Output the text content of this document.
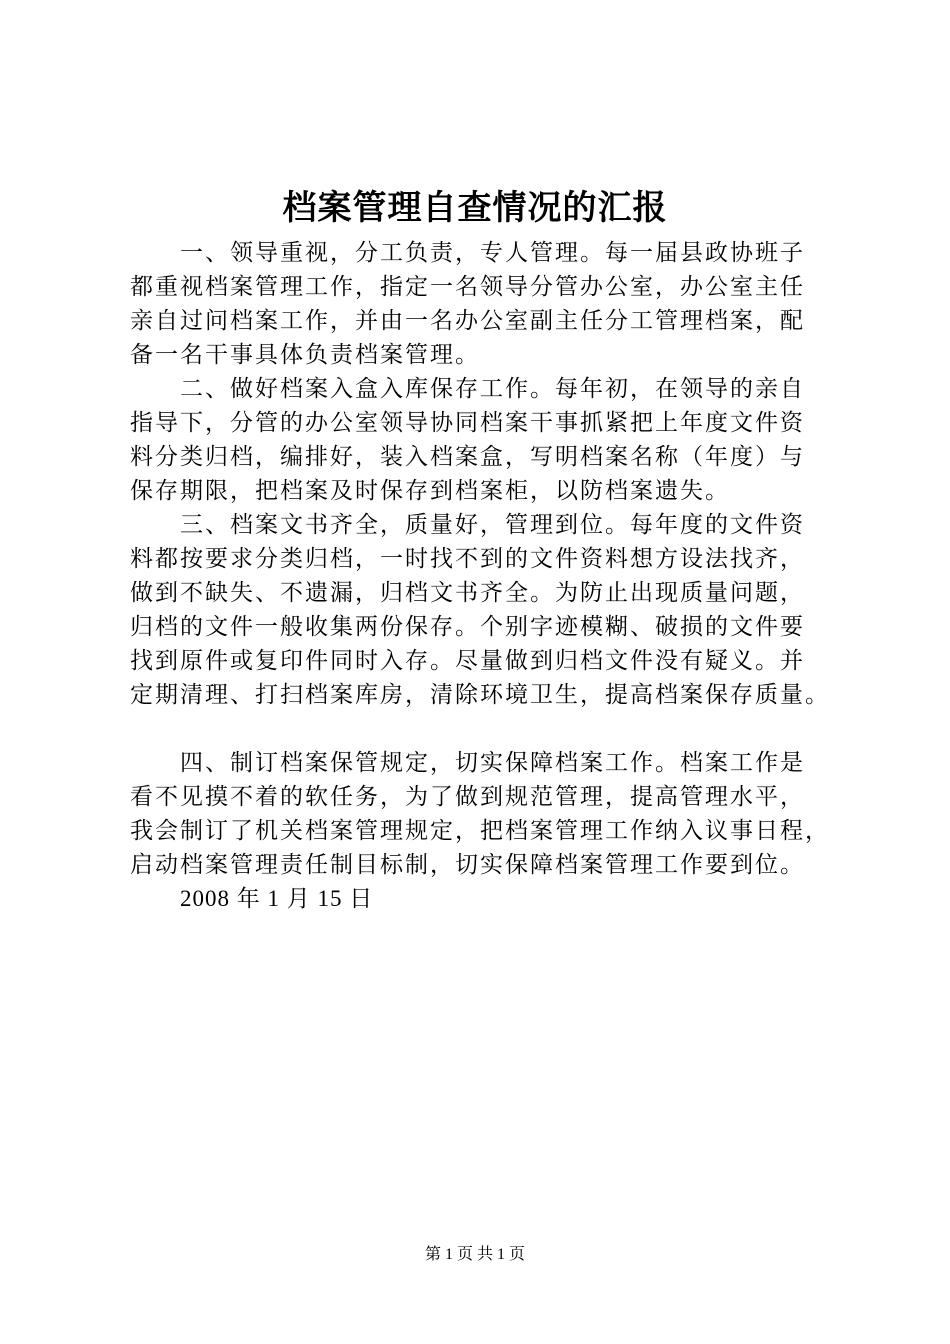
档案管理自查情况的汇报
一、领导重视，分工负责，专人管理。每一届县政协班子
都重视档案管理工作，指定一名领导分管办公室，办公室主任
亲自过问档案工作，并由一名办公室副主任分工管理档案，配
备一名干事具体负责档案管理。
二、做好档案入盒入库保存工作。每年初，在领导的亲自
指导下，分管的办公室领导协同档案干事抓紧把上年度文件资
料分类归档，编排好，装入档案盒，写明档案名称（年度）与
保存期限，把档案及时保存到档案柜，以防档案遗失。
三、档案文书齐全，质量好，管理到位。每年度的文件资
料都按要求分类归档，一时找不到的文件资料想方设法找齐，
做到不缺失、不遗漏，归档文书齐全。为防止出现质量问题，
归档的文件一般收集两份保存。个别字迹模糊、破损的文件要
找到原件或复印件同时入存。尽量做到归档文件没有疑义。并
定期清理、打扫档案库房，清除环境卫生，提高档案保存质量。
四、制订档案保管规定，切实保障档案工作。档案工作是
看不见摸不着的软任务，为了做到规范管理，提高管理水平，
我会制订了机关档案管理规定，把档案管理工作纳入议事日程，
启动档案管理责任制目标制，切实保障档案管理工作要到位。

2008 年 1 月 15 日

第 1 页 共 1 页
